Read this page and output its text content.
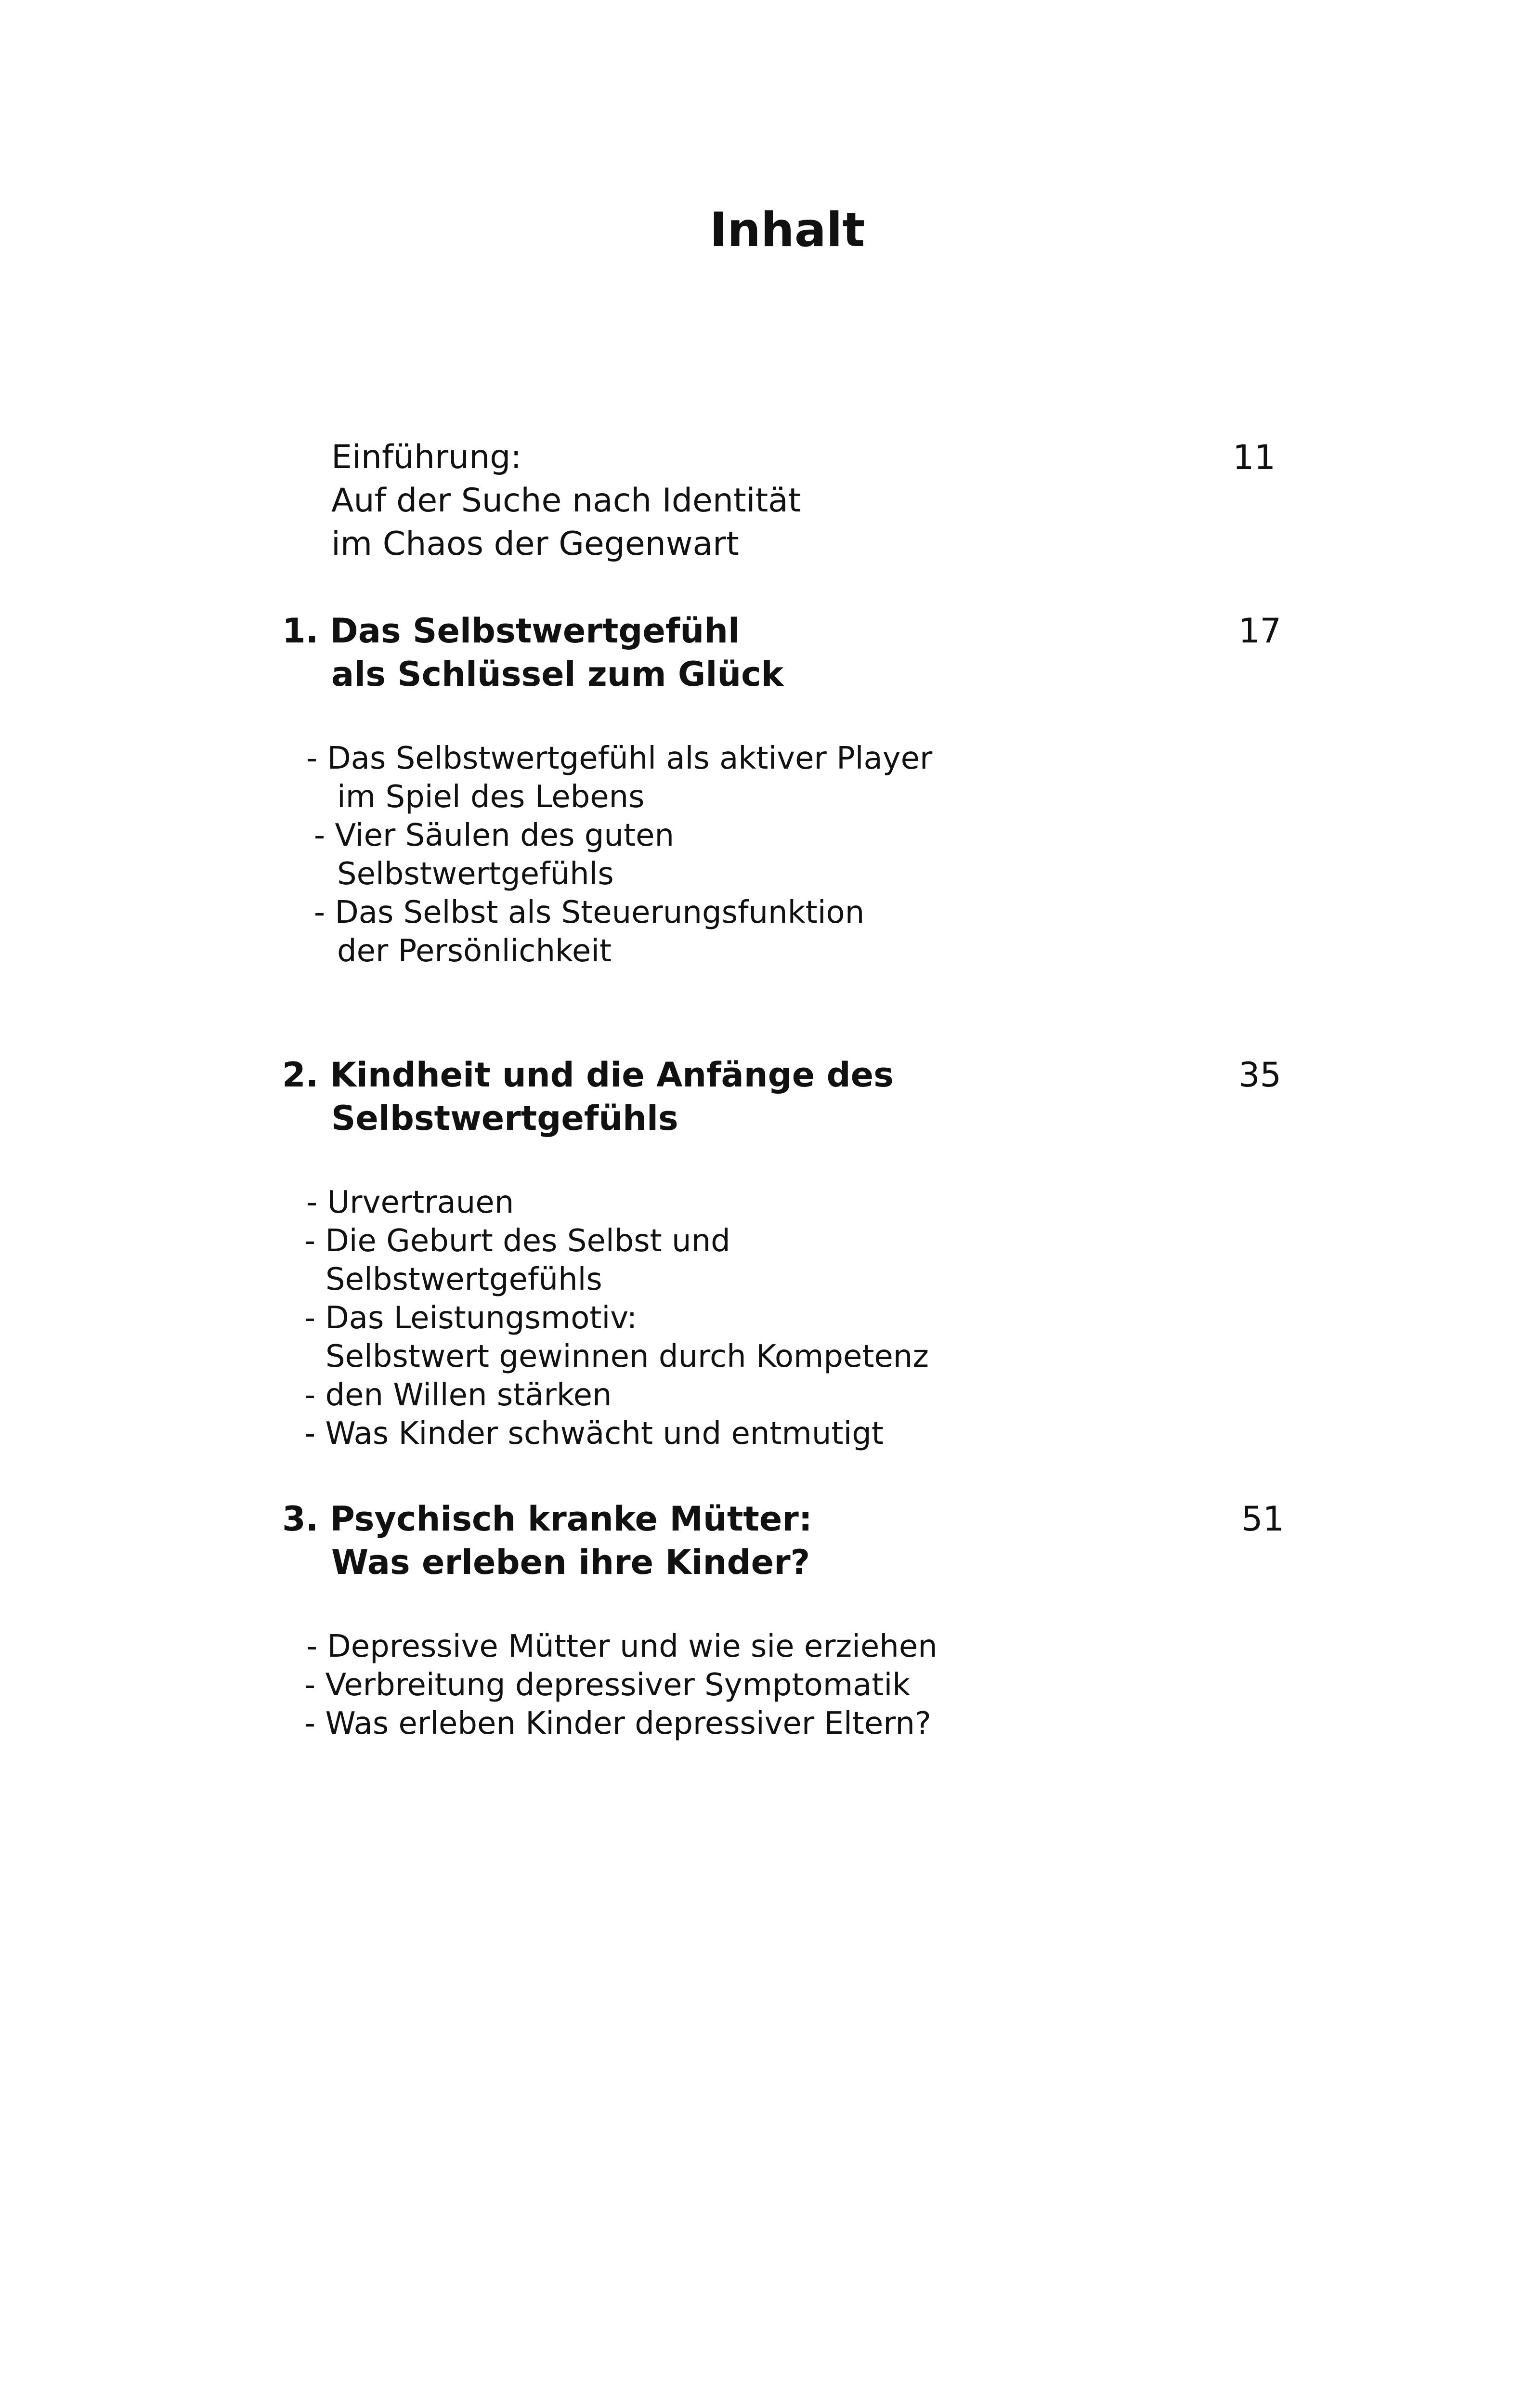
Inhalt
Einführung:
Auf der Suche nach Identität
im Chaos der Gegenwart
11
1. Das Selbstwertgefühl
als Schlüssel zum Glück
17
- Das Selbstwertgefühl als aktiver Player
im Spiel des Lebens
- Vier Säulen des guten
Selbstwertgefühls
- Das Selbst als Steuerungsfunktion
der Persönlichkeit
2. Kindheit und die Anfänge des
Selbstwertgefühls
35
- Urvertrauen
- Die Geburt des Selbst und
Selbstwertgefühls
- Das Leistungsmotiv:
Selbstwert gewinnen durch Kompetenz
- den Willen stärken
- Was Kinder schwächt und entmutigt
3. Psychisch kranke Mütter:
Was erleben ihre Kinder?
51
- Depressive Mütter und wie sie erziehen
- Verbreitung depressiver Symptomatik
- Was erleben Kinder depressiver Eltern?
